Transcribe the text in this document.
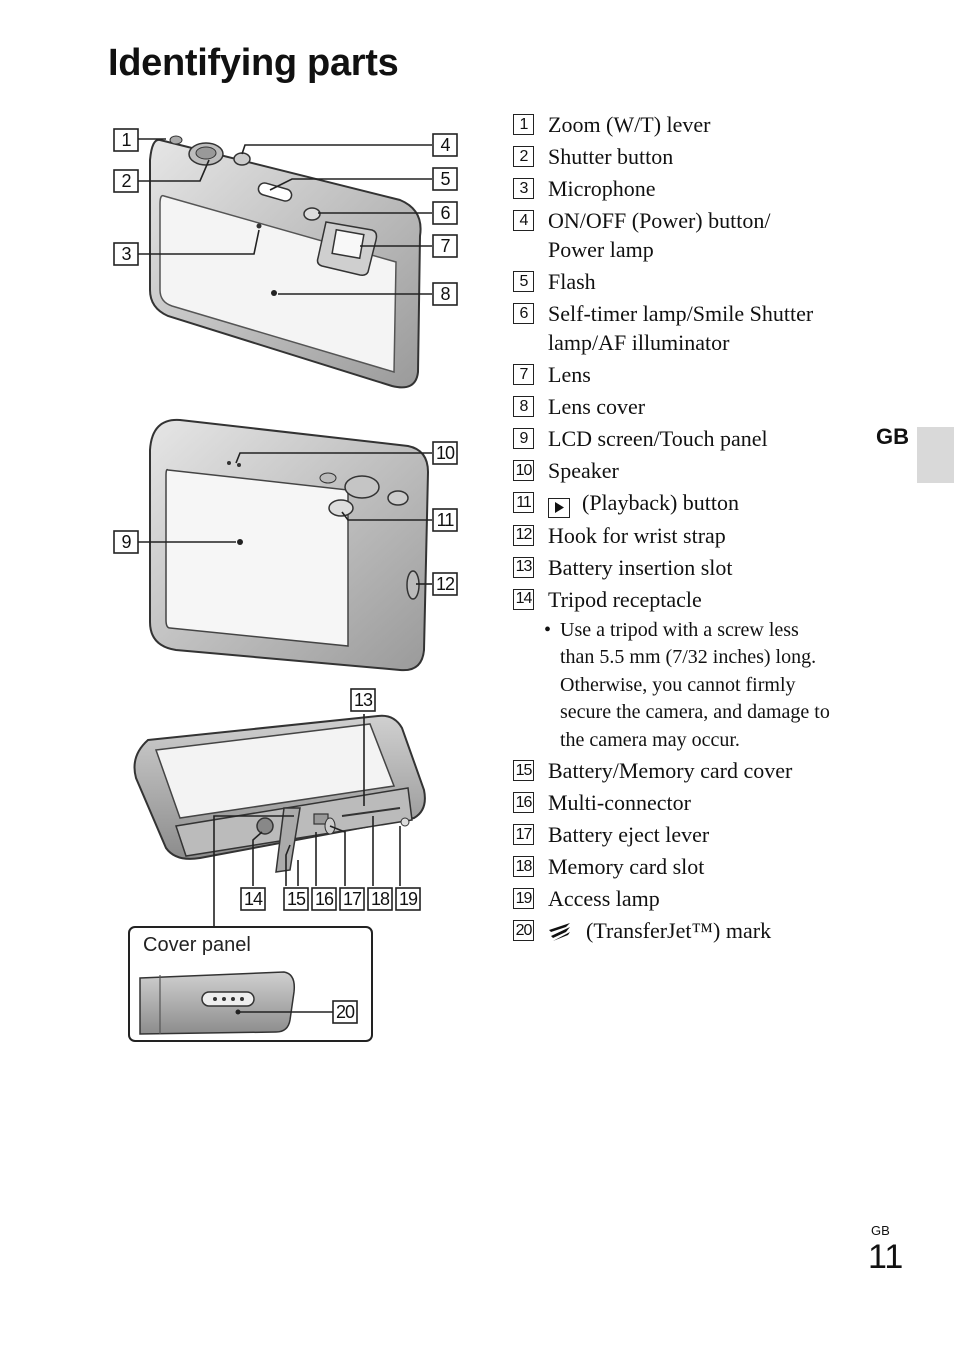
Identifying parts
Cover panel
1
2
3
4
5
6
7
8
9
10
11
12
13
14 15 16 17 18 19
20
1 Zoom (W/T) lever
2 Shutter button
3 Microphone
4 ON/OFF (Power) button/
Power lamp
5 Flash
6 Self-timer lamp/Smile Shutter
lamp/AF illuminator
7 Lens
8 Lens cover
9 LCD screen/Touch panel
10 Speaker
11	(Playback) button
12 Hook for wrist strap
13 Battery insertion slot
14 Tripod receptacle
• Use a tripod with a screw less
than 5.5 mm (7/32 inches) long.
Otherwise, you cannot firmly
secure the camera, and damage to
the camera may occur.
15 Battery/Memory card cover
16 Multi-connector
17 Battery eject lever
18 Memory card slot
19 Access lamp
20	(TransferJet™) mark
GB
GB
11
